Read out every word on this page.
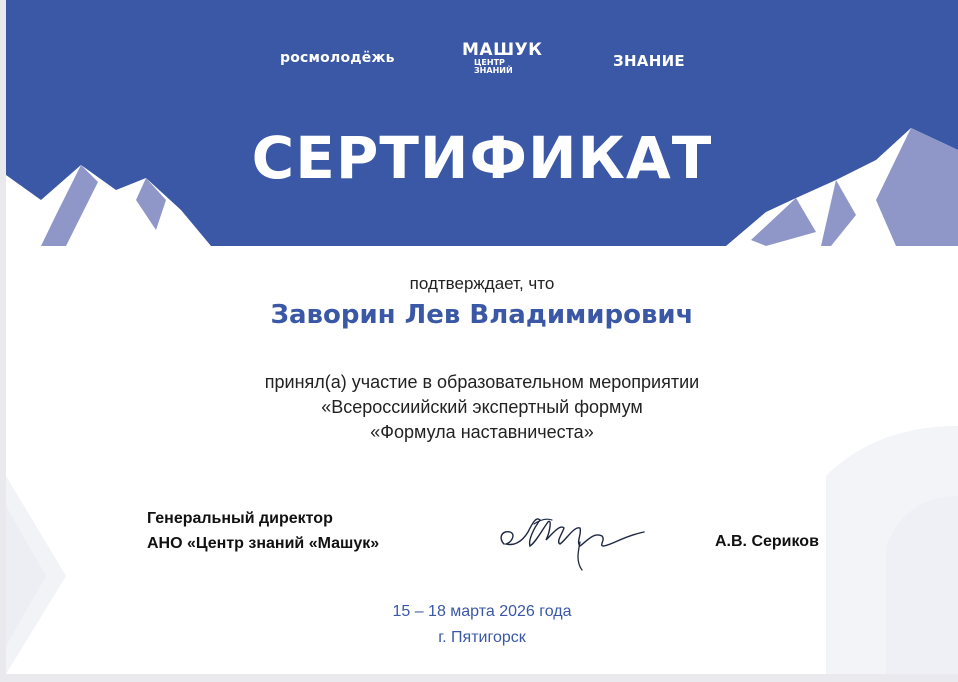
росмолодёжь	МАШУК
ЦЕНТР
ЗНАНИЙ
ЗНАНИЕ
СЕРТИФИКАТ
подтверждает, что
Заворин Лев Владимирович
принял(а) участие в образовательном мероприятии
«Всероссиийский экспертный формум
«Формула наставничеста»
Генеральный директор
АНО «Центр знаний «Машук»	А.В. Сериков
15 – 18 марта 2026 года
г. Пятигорск
